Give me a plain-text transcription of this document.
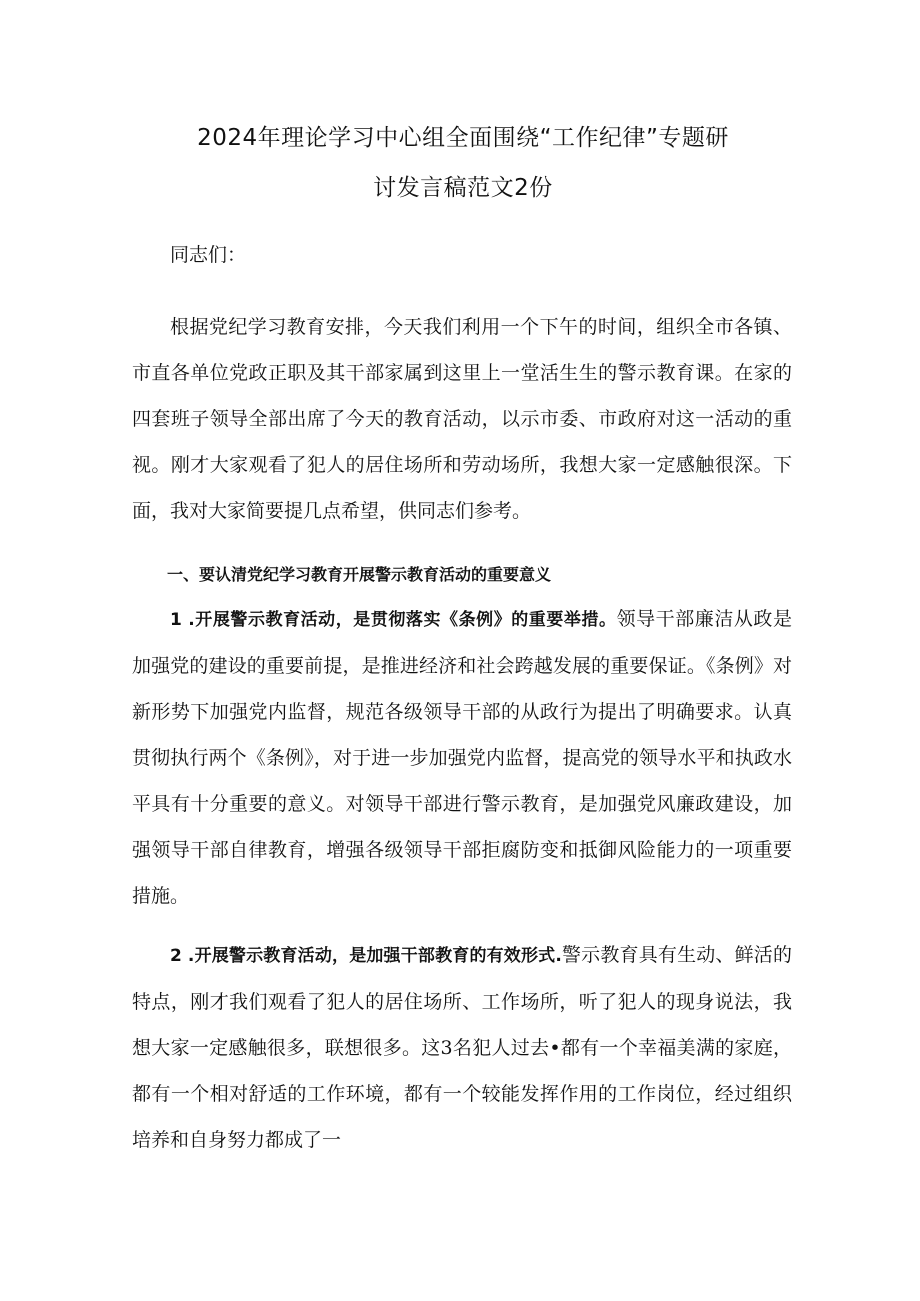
2024年理论学习中心组全面围绕“工作纪律”专题研
讨发言稿范文2份

同志们：

根据党纪学习教育安排，今天我们利用一个下午的时间，组织全市各镇、市直各单位党政正职及其干部家属到这里上一堂活生生的警示教育课。在家的四套班子领导全部出席了今天的教育活动，以示市委、市政府对这一活动的重视。刚才大家观看了犯人的居住场所和劳动场所，我想大家一定感触很深。下面，我对大家简要提几点希望，供同志们参考。

一、要认清党纪学习教育开展警示教育活动的重要意义

1 .开展警示教育活动，是贯彻落实《条例》的重要举措。领导干部廉洁从政是加强党的建设的重要前提，是推进经济和社会跨越发展的重要保证。《条例》对新形势下加强党内监督，规范各级领导干部的从政行为提出了明确要求。认真贯彻执行两个《条例》，对于进一步加强党内监督，提高党的领导水平和执政水平具有十分重要的意义。对领导干部进行警示教育，是加强党风廉政建设，加强领导干部自律教育，增强各级领导干部拒腐防变和抵御风险能力的一项重要措施。

2 .开展警示教育活动，是加强干部教育的有效形式.警示教育具有生动、鲜活的特点，刚才我们观看了犯人的居住场所、工作场所，听了犯人的现身说法，我想大家一定感触很多，联想很多。这3名犯人过去•都有一个幸福美满的家庭，都有一个相对舒适的工作环境，都有一个较能发挥作用的工作岗位，经过组织培养和自身努力都成了一
